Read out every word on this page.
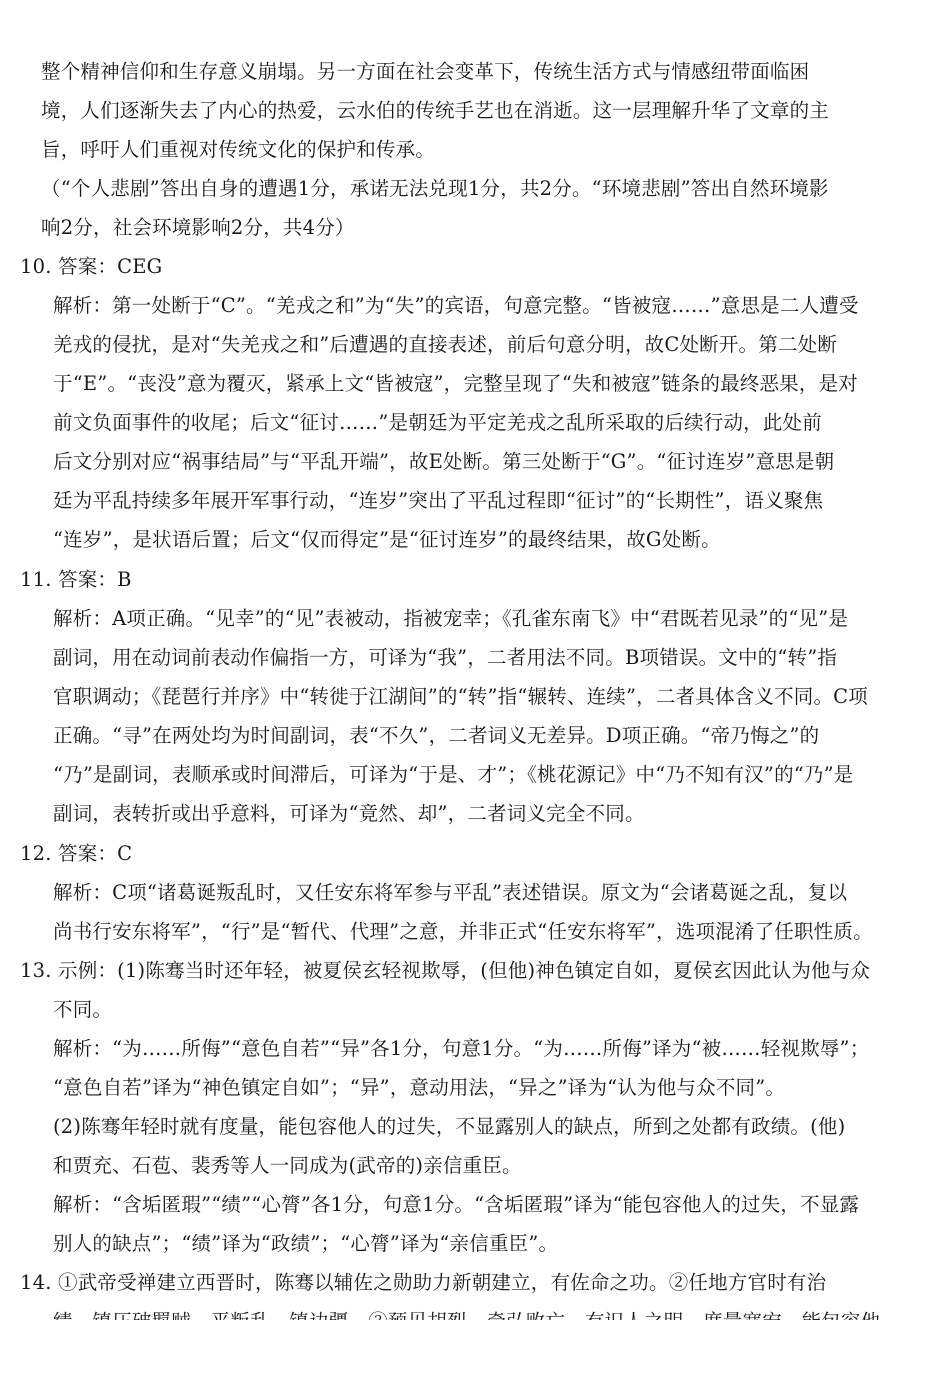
整个精神信仰和生存意义崩塌。另一方面在社会变革下，传统生活方式与情感纽带面临困
境，人们逐渐失去了内心的热爱，云水伯的传统手艺也在消逝。这一层理解升华了文章的主
旨，呼吁人们重视对传统文化的保护和传承。
（“个人悲剧”答出自身的遭遇1分，承诺无法兑现1分，共2分。“环境悲剧”答出自然环境影
响2分，社会环境影响2分，共4分）
10. 答案：CEG
解析：第一处断于“C”。“羌戎之和”为“失”的宾语，句意完整。“皆被寇……”意思是二人遭受
羌戎的侵扰，是对“失羌戎之和”后遭遇的直接表述，前后句意分明，故C处断开。第二处断
于“E”。“丧没”意为覆灭，紧承上文“皆被寇”，完整呈现了“失和被寇”链条的最终恶果，是对
前文负面事件的收尾；后文“征讨……”是朝廷为平定羌戎之乱所采取的后续行动，此处前
后文分别对应“祸事结局”与“平乱开端”，故E处断。第三处断于“G”。“征讨连岁”意思是朝
廷为平乱持续多年展开军事行动，“连岁”突出了平乱过程即“征讨”的“长期性”，语义聚焦
“连岁”，是状语后置；后文“仅而得定”是“征讨连岁”的最终结果，故G处断。
11. 答案：B
解析：A项正确。“见幸”的“见”表被动，指被宠幸；《孔雀东南飞》中“君既若见录”的“见”是
副词，用在动词前表动作偏指一方，可译为“我”，二者用法不同。B项错误。文中的“转”指
官职调动；《琵琶行并序》中“转徙于江湖间”的“转”指“辗转、连续”，二者具体含义不同。C项
正确。“寻”在两处均为时间副词，表“不久”，二者词义无差异。D项正确。“帝乃悔之”的
“乃”是副词，表顺承或时间滞后，可译为“于是、才”；《桃花源记》中“乃不知有汉”的“乃”是
副词，表转折或出乎意料，可译为“竟然、却”，二者词义完全不同。
12. 答案：C
解析：C项“诸葛诞叛乱时，又任安东将军参与平乱”表述错误。原文为“会诸葛诞之乱，复以
尚书行安东将军”，“行”是“暂代、代理”之意，并非正式“任安东将军”，选项混淆了任职性质。
13. 示例：(1)陈骞当时还年轻，被夏侯玄轻视欺辱，(但他)神色镇定自如，夏侯玄因此认为他与众
不同。
解析：“为……所侮”“意色自若”“异”各1分，句意1分。“为……所侮”译为“被……轻视欺辱”；
“意色自若”译为“神色镇定自如”；“异”，意动用法，“异之”译为“认为他与众不同”。
(2)陈骞年轻时就有度量，能包容他人的过失，不显露别人的缺点，所到之处都有政绩。(他)
和贾充、石苞、裴秀等人一同成为(武帝的)亲信重臣。
解析：“含垢匿瑕”“绩”“心膂”各1分，句意1分。“含垢匿瑕”译为“能包容他人的过失，不显露
别人的缺点”；“绩”译为“政绩”；“心膂”译为“亲信重臣”。
14. ①武帝受禅建立西晋时，陈骞以辅佐之勋助力新朝建立，有佐命之功。②任地方官时有治
